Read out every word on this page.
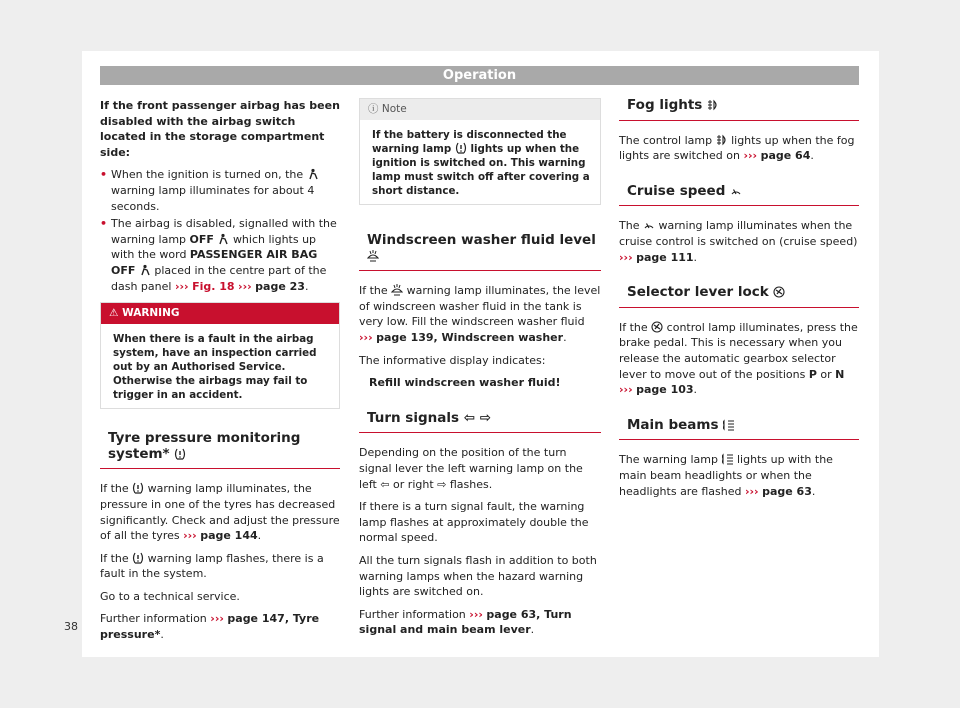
Operation

If the front passenger airbag has been disabled with the airbag switch located in the storage compartment side:

• When the ignition is turned on, the  warning lamp illuminates for about 4 seconds.
• The airbag is disabled, signalled with the warning lamp OFF which lights up with the word PASSENGER AIR BAG OFF placed in the centre part of the dash panel ››› Fig. 18 ››› page 23.
⚠ WARNING
When there is a fault in the airbag system, have an inspection carried out by an Authorised Service. Otherwise the airbags may fail to trigger in an accident.
Tyre pressure monitoring system*

If the warning lamp illuminates, the pressure in one of the tyres has decreased significantly. Check and adjust the pressure of all the tyres ››› page 144.

If the warning lamp flashes, there is a fault in the system.

Go to a technical service.

Further information ››› page 147, Tyre pressure*.

ⓘ Note
If the battery is disconnected the warning lamp lights up when the ignition is switched on. This warning lamp must switch off after covering a short distance.
Windscreen washer fluid level

If the warning lamp illuminates, the level of windscreen washer fluid in the tank is very low. Fill the windscreen washer fluid ››› page 139, Windscreen washer.

The informative display indicates:

Refill windscreen washer fluid!

Turn signals ⇦ ⇨

Depending on the position of the turn signal lever the left warning lamp on the left ⇦ or right ⇨ flashes.

If there is a turn signal fault, the warning lamp flashes at approximately double the normal speed.

All the turn signals flash in addition to both warning lamps when the hazard warning lights are switched on.

Further information ››› page 63, Turn signal and main beam lever.

Fog lights

The control lamp lights up when the fog lights are switched on ››› page 64.

Cruise speed

The warning lamp illuminates when the cruise control is switched on (cruise speed) ››› page 111.

Selector lever lock

If the control lamp illuminates, press the brake pedal. This is necessary when you release the automatic gearbox selector lever to move out of the positions P or N ››› page 103.

Main beams

The warning lamp lights up with the main beam headlights or when the headlights are flashed ››› page 63.

38
